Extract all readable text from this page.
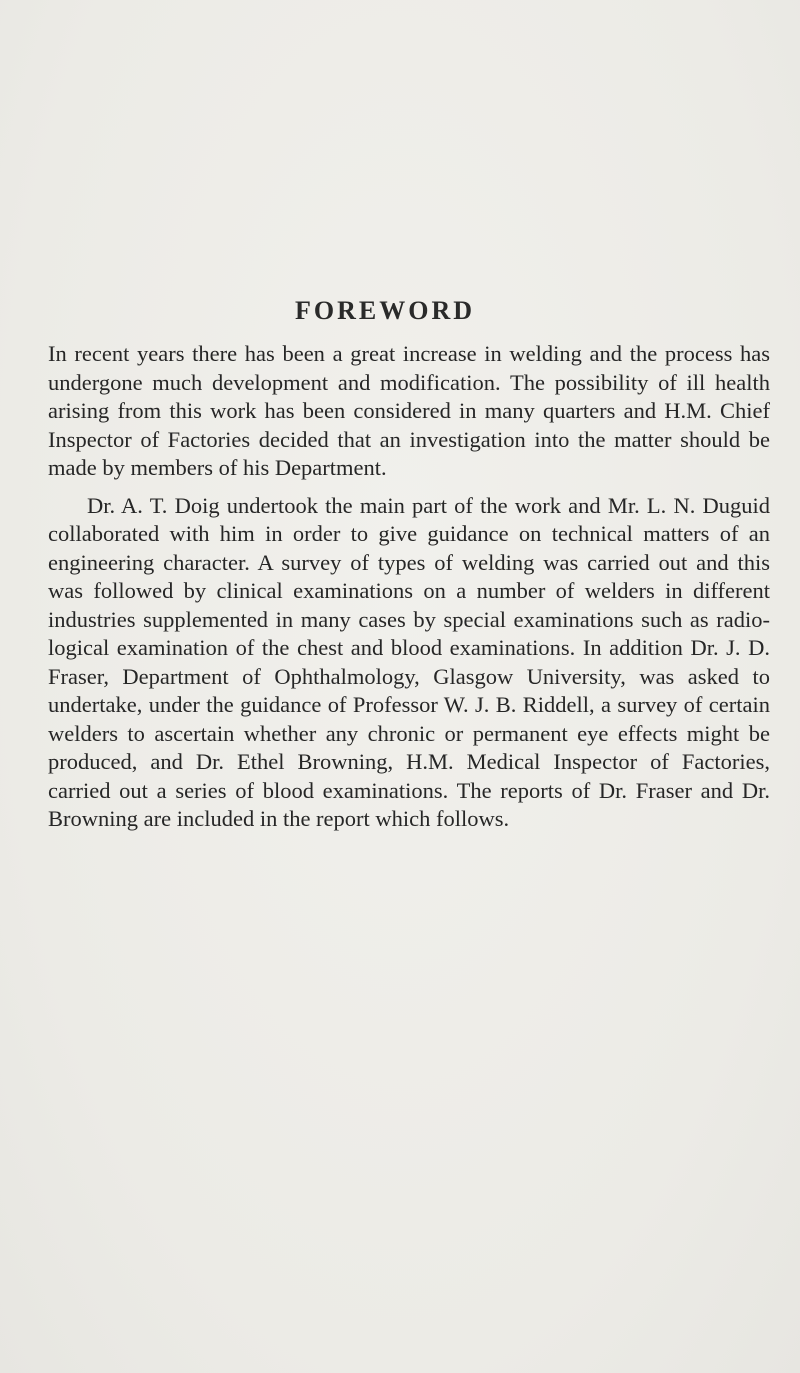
FOREWORD

In recent years there has been a great increase in welding and the process has undergone much development and modification. The possibility of ill health arising from this work has been considered in many quarters and H.M. Chief Inspector of Factories decided that an investigation into the matter should be made by members of his Department.

Dr. A. T. Doig undertook the main part of the work and Mr. L. N. Duguid collaborated with him in order to give guidance on technical matters of an engineering character. A survey of types of welding was carried out and this was followed by clinical examinations on a number of welders in different industries supplemented in many cases by special examinations such as radio-logical examination of the chest and blood examinations. In addition Dr. J. D. Fraser, Department of Ophthalmology, Glasgow University, was asked to undertake, under the guidance of Professor W. J. B. Riddell, a survey of certain welders to ascertain whether any chronic or permanent eye effects might be produced, and Dr. Ethel Browning, H.M. Medical Inspector of Factories, carried out a series of blood examinations. The reports of Dr. Fraser and Dr. Browning are included in the report which follows.
